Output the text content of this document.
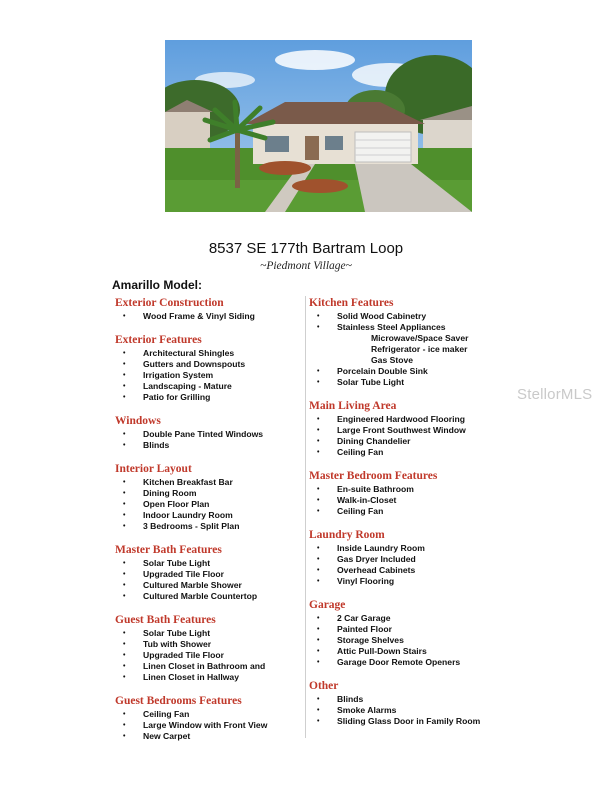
8537 SE 177th Bartram Loop
~Piedmont Village~
Amarillo Model:
Exterior Construction
• Wood Frame & Vinyl Siding
Exterior Features
• Architectural Shingles
• Gutters and Downspouts
• Irrigation System
• Landscaping - Mature
• Patio for Grilling
Windows
• Double Pane Tinted Windows
• Blinds
Interior Layout
• Kitchen Breakfast Bar
• Dining Room
• Open Floor Plan
• Indoor Laundry Room
• 3 Bedrooms - Split Plan
Master Bath Features
• Solar Tube Light
• Upgraded Tile Floor
• Cultured Marble Shower
• Cultured Marble Countertop
Guest Bath Features
• Solar Tube Light
• Tub with Shower
• Upgraded Tile Floor
• Linen Closet in Bathroom and
• Linen Closet in Hallway
Guest Bedrooms Features
• Ceiling Fan
• Large Window with Front View
• New Carpet
Kitchen Features
• Solid Wood Cabinetry
• Stainless Steel Appliances
Microwave/Space Saver
Refrigerator - ice maker
Gas Stove
• Porcelain Double Sink
• Solar Tube Light
Main Living Area
• Engineered Hardwood Flooring
• Large Front Southwest Window
• Dining Chandelier
• Ceiling Fan
Master Bedroom Features
• En-suite Bathroom
• Walk-in-Closet
• Ceiling Fan
Laundry Room
• Inside Laundry Room
• Gas Dryer Included
• Overhead Cabinets
• Vinyl Flooring
Garage
• 2 Car Garage
• Painted Floor
• Storage Shelves
• Attic Pull-Down Stairs
• Garage Door Remote Openers
Other
• Blinds
• Smoke Alarms
• Sliding Glass Door in Family Room
StellorMLS
